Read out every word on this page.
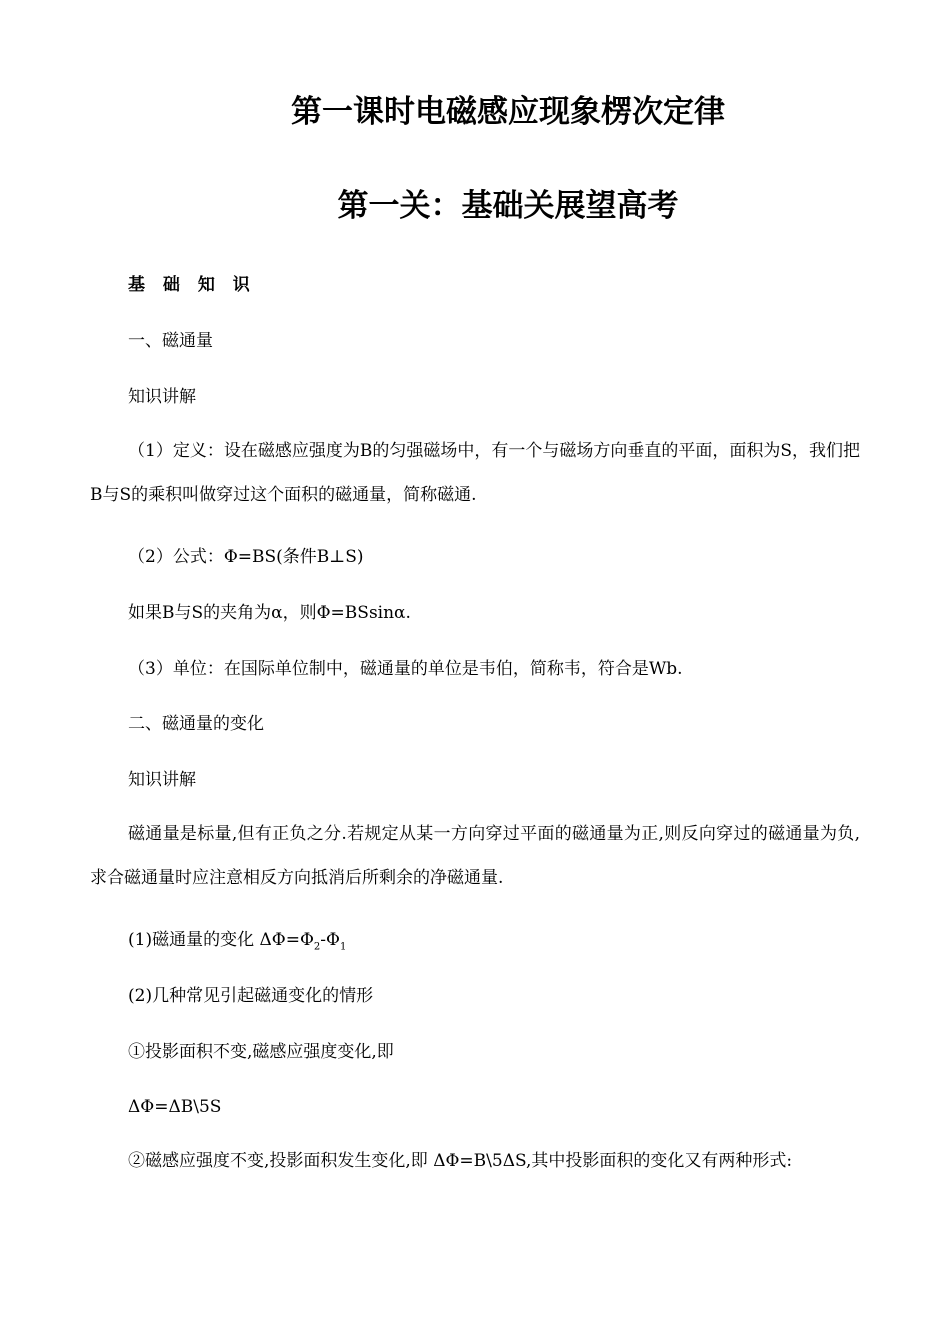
第一课时电磁感应现象楞次定律
第一关：基础关展望高考

基 础 知 识

一、磁通量

知识讲解

（1）定义：设在磁感应强度为B的匀强磁场中，有一个与磁场方向垂直的平面，面积为S，我们把B与S的乘积叫做穿过这个面积的磁通量，简称磁通.

（2）公式：Φ=BS(条件B⊥S)

如果B与S的夹角为α，则Φ=BSsinα.

（3）单位：在国际单位制中，磁通量的单位是韦伯，简称韦，符合是Wb.

二、磁通量的变化

知识讲解

磁通量是标量,但有正负之分.若规定从某一方向穿过平面的磁通量为正,则反向穿过的磁通量为负,求合磁通量时应注意相反方向抵消后所剩余的净磁通量.

(1)磁通量的变化 $\Delta\Phi=\Phi_2-\Phi_1$

(2)几种常见引起磁通变化的情形

①投影面积不变,磁感应强度变化,即

ΔΦ=ΔB\5S

②磁感应强度不变,投影面积发生变化,即 ΔΦ=B\5ΔS,其中投影面积的变化又有两种形式:
